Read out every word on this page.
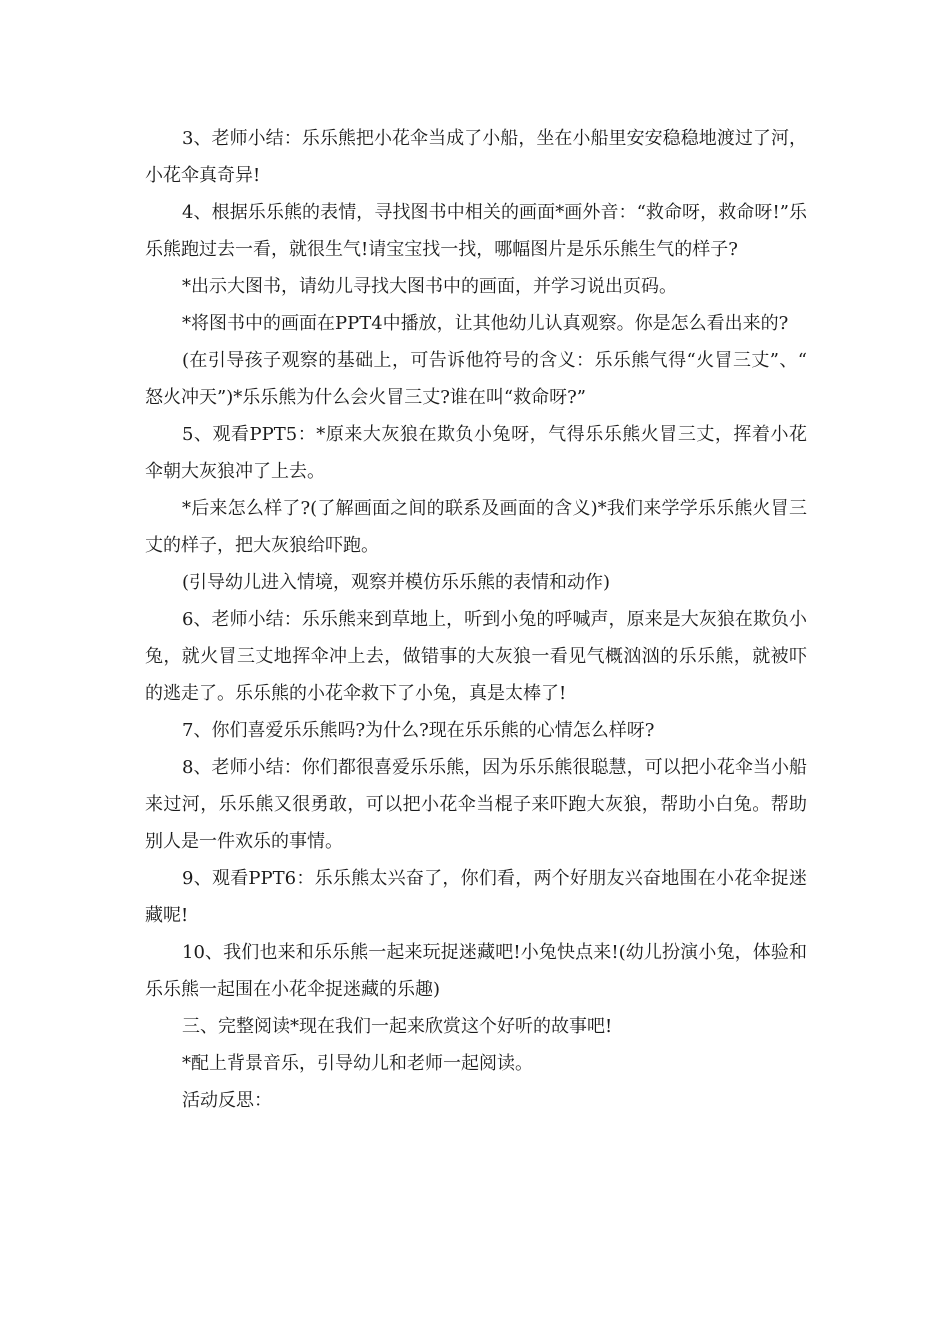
3、老师小结：乐乐熊把小花伞当成了小船，坐在小船里安安稳稳地渡过了河，小花伞真奇异!

4、根据乐乐熊的表情，寻找图书中相关的画面*画外音：“救命呀，救命呀!”乐乐熊跑过去一看，就很生气!请宝宝找一找，哪幅图片是乐乐熊生气的样子?

*出示大图书，请幼儿寻找大图书中的画面，并学习说出页码。

*将图书中的画面在PPT4中播放，让其他幼儿认真观察。你是怎么看出来的?

(在引导孩子观察的基础上，可告诉他符号的含义：乐乐熊气得“火冒三丈”、“怒火冲天”)*乐乐熊为什么会火冒三丈?谁在叫“救命呀?”

5、观看PPT5：*原来大灰狼在欺负小兔呀，气得乐乐熊火冒三丈，挥着小花伞朝大灰狼冲了上去。

*后来怎么样了?(了解画面之间的联系及画面的含义)*我们来学学乐乐熊火冒三丈的样子，把大灰狼给吓跑。

(引导幼儿进入情境，观察并模仿乐乐熊的表情和动作)

6、老师小结：乐乐熊来到草地上，听到小兔的呼喊声，原来是大灰狼在欺负小兔，就火冒三丈地挥伞冲上去，做错事的大灰狼一看见气概汹汹的乐乐熊，就被吓的逃走了。乐乐熊的小花伞救下了小兔，真是太棒了!

7、你们喜爱乐乐熊吗?为什么?现在乐乐熊的心情怎么样呀?

8、老师小结：你们都很喜爱乐乐熊，因为乐乐熊很聪慧，可以把小花伞当小船来过河，乐乐熊又很勇敢，可以把小花伞当棍子来吓跑大灰狼，帮助小白兔。帮助别人是一件欢乐的事情。

9、观看PPT6：乐乐熊太兴奋了，你们看，两个好朋友兴奋地围在小花伞捉迷藏呢!

10、我们也来和乐乐熊一起来玩捉迷藏吧!小兔快点来!(幼儿扮演小兔，体验和乐乐熊一起围在小花伞捉迷藏的乐趣)

三、完整阅读*现在我们一起来欣赏这个好听的故事吧!

*配上背景音乐，引导幼儿和老师一起阅读。

活动反思：
